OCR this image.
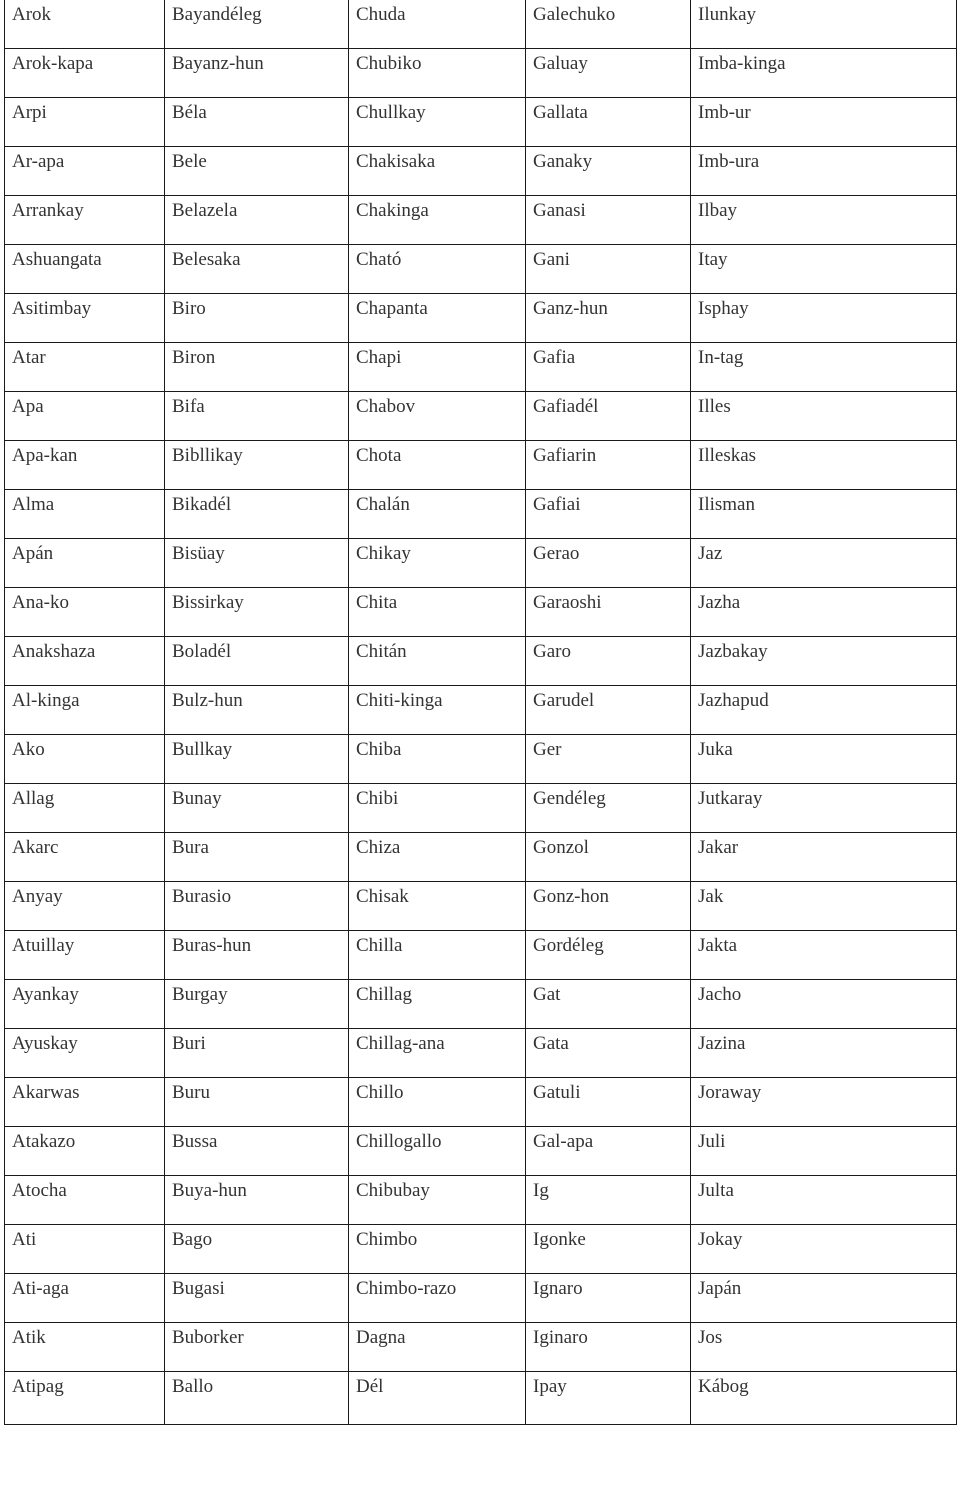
Arok	Bayandéleg	Chuda	Galechuko	Ilunkay
Arok-kapa	Bayanz-hun	Chubiko	Galuay	Imba-kinga
Arpi	Béla	Chullkay	Gallata	Imb-ur
Ar-apa	Bele	Chakisaka	Ganaky	Imb-ura
Arrankay	Belazela	Chakinga	Ganasi	Ilbay
Ashuangata	Belesaka	Cható	Gani	Itay
Asitimbay	Biro	Chapanta	Ganz-hun	Isphay
Atar	Biron	Chapi	Gafia	In-tag
Apa	Bifa	Chabov	Gafiadél	Illes
Apa-kan	Bibllikay	Chota	Gafiarin	Illeskas
Alma	Bikadél	Chalán	Gafiai	Ilisman
Apán	Bisüay	Chikay	Gerao	Jaz
Ana-ko	Bissirkay	Chita	Garaoshi	Jazha
Anakshaza	Boladél	Chitán	Garo	Jazbakay
Al-kinga	Bulz-hun	Chiti-kinga	Garudel	Jazhapud
Ako	Bullkay	Chiba	Ger	Juka
Allag	Bunay	Chibi	Gendéleg	Jutkaray
Akarc	Bura	Chiza	Gonzol	Jakar
Anyay	Burasio	Chisak	Gonz-hon	Jak
Atuillay	Buras-hun	Chilla	Gordéleg	Jakta
Ayankay	Burgay	Chillag	Gat	Jacho
Ayuskay	Buri	Chillag-ana	Gata	Jazina
Akarwas	Buru	Chillo	Gatuli	Joraway
Atakazo	Bussa	Chillogallo	Gal-apa	Juli
Atocha	Buya-hun	Chibubay	Ig	Julta
Ati	Bago	Chimbo	Igonke	Jokay
Ati-aga	Bugasi	Chimbo-razo	Ignaro	Japán
Atik	Buborker	Dagna	Iginaro	Jos
Atipag	Ballo	Dél	Ipay	Kábog
